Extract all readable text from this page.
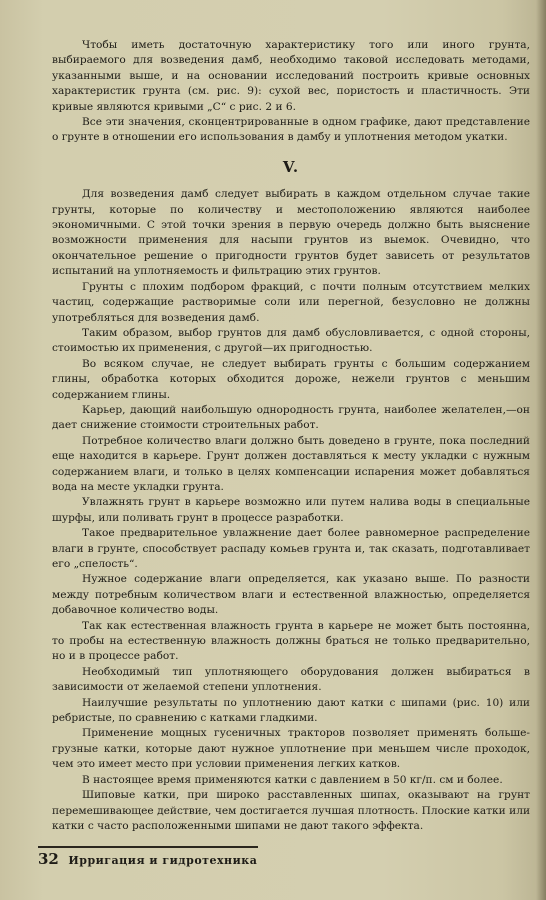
Чтобы иметь достаточную характеристику того или иного грунта, выбираемого для возведения дамб, необходимо таковой исследовать методами, указанными выше, и на основании исследований построить кривые основных характеристик грунта (см. рис. 9): сухой вес, пористость и пластичность. Эти кривые являются кривыми „С“ с рис. 2 и 6.

Все эти значения, сконцентрированные в одном графике, дают представление о грунте в отношении его использования в дамбу и уплотнения методом укатки.

V.

Для возведения дамб следует выбирать в каждом отдельном случае такие грунты, которые по количеству и местоположению являются наиболее экономичными. С этой точки зрения в первую очередь должно быть выяснение возможности применения для насыпи грунтов из выемок. Очевидно, что окончательное решение о пригодности грунтов будет зависеть от результатов испытаний на уплотняемость и фильтрацию этих грунтов.

Грунты с плохим подбором фракций, с почти полным отсутствием мелких частиц, содержащие растворимые соли или перегной, безусловно не должны употребляться для возведения дамб.

Таким образом, выбор грунтов для дамб обусловливается, с одной стороны, стоимостью их применения, с другой—их пригодностью.

Во всяком случае, не следует выбирать грунты с большим содержанием глины, обработка которых обходится дороже, нежели грунтов с меньшим содержанием глины.

Карьер, дающий наибольшую однородность грунта, наиболее желателен,—он дает снижение стоимости строительных работ.

Потребное количество влаги должно быть доведено в грунте, пока последний еще находится в карьере. Грунт должен доставляться к месту укладки с нужным содержанием влаги, и только в целях компенсации испарения может добавляться вода на месте укладки грунта.

Увлажнять грунт в карьере возможно или путем налива воды в специальные шурфы, или поливать грунт в процессе разработки.

Такое предварительное увлажнение дает более равномерное распределение влаги в грунте, способствует распаду комьев грунта и, так сказать, подготавливает его „спелость“.

Нужное содержание влаги определяется, как указано выше. По разности между потребным количеством влаги и естественной влажностью, определяется добавочное количество воды.

Так как естественная влажность грунта в карьере не может быть постоянна, то пробы на естественную влажность должны браться не только предварительно, но и в процессе работ.

Необходимый тип уплотняющего оборудования должен выбираться в зависимости от желаемой степени уплотнения.

Наилучшие результаты по уплотнению дают катки с шипами (рис. 10) или ребристые, по сравнению с катками гладкими.

Применение мощных гусеничных тракторов позволяет применять больше-грузные катки, которые дают нужное уплотнение при меньшем числе проходок, чем это имеет место при условии применения легких катков.

В настоящее время применяются катки с давлением в 50 кг/п. см и более.

Шиповые катки, при широко расставленных шипах, оказывают на грунт перемешивающее действие, чем достигается лучшая плотность. Плоские катки или катки с часто расположенными шипами не дают такого эффекта.

32 Ирригация и гидротехника
